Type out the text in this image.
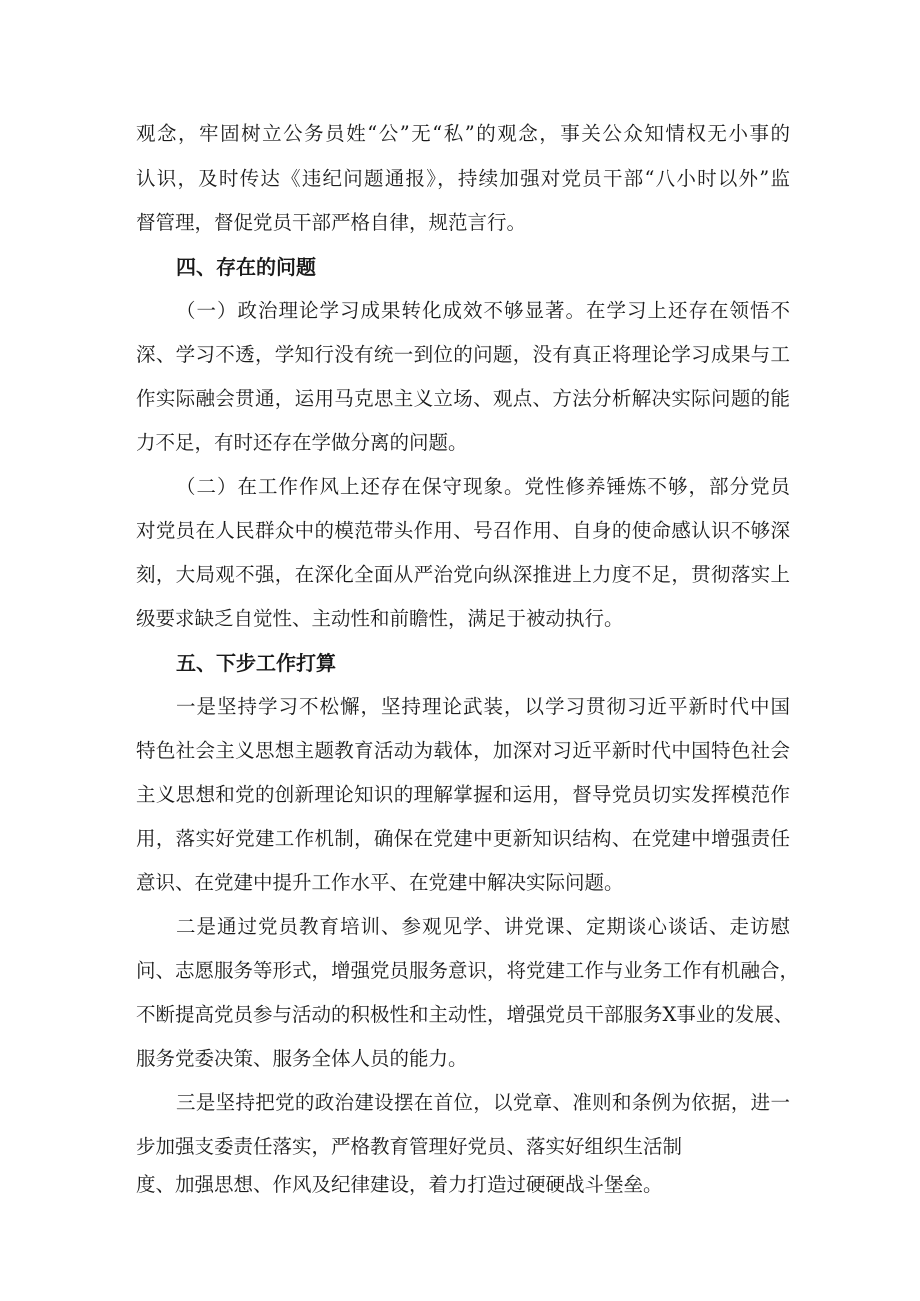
观念，牢固树立公务员姓“公”无“私”的观念，事关公众知情权无小事的
认识，及时传达《违纪问题通报》，持续加强对党员干部“八小时以外”监
督管理，督促党员干部严格自律，规范言行。
四、存在的问题
（一）政治理论学习成果转化成效不够显著。在学习上还存在领悟不
深、学习不透，学知行没有统一到位的问题，没有真正将理论学习成果与工
作实际融会贯通，运用马克思主义立场、观点、方法分析解决实际问题的能
力不足，有时还存在学做分离的问题。
（二）在工作作风上还存在保守现象。党性修养锤炼不够，部分党员
对党员在人民群众中的模范带头作用、号召作用、自身的使命感认识不够深
刻，大局观不强，在深化全面从严治党向纵深推进上力度不足，贯彻落实上
级要求缺乏自觉性、主动性和前瞻性，满足于被动执行。
五、下步工作打算
一是坚持学习不松懈，坚持理论武装，以学习贯彻习近平新时代中国
特色社会主义思想主题教育活动为载体，加深对习近平新时代中国特色社会
主义思想和党的创新理论知识的理解掌握和运用，督导党员切实发挥模范作
用，落实好党建工作机制，确保在党建中更新知识结构、在党建中增强责任
意识、在党建中提升工作水平、在党建中解决实际问题。
二是通过党员教育培训、参观见学、讲党课、定期谈心谈话、走访慰
问、志愿服务等形式，增强党员服务意识，将党建工作与业务工作有机融合，
不断提高党员参与活动的积极性和主动性，增强党员干部服务X事业的发展、
服务党委决策、服务全体人员的能力。
三是坚持把党的政治建设摆在首位，以党章、准则和条例为依据，进一
步加强支委责任落实，严格教育管理好党员、落实好组织生活制
度、加强思想、作风及纪律建设，着力打造过硬硬战斗堡垒。
